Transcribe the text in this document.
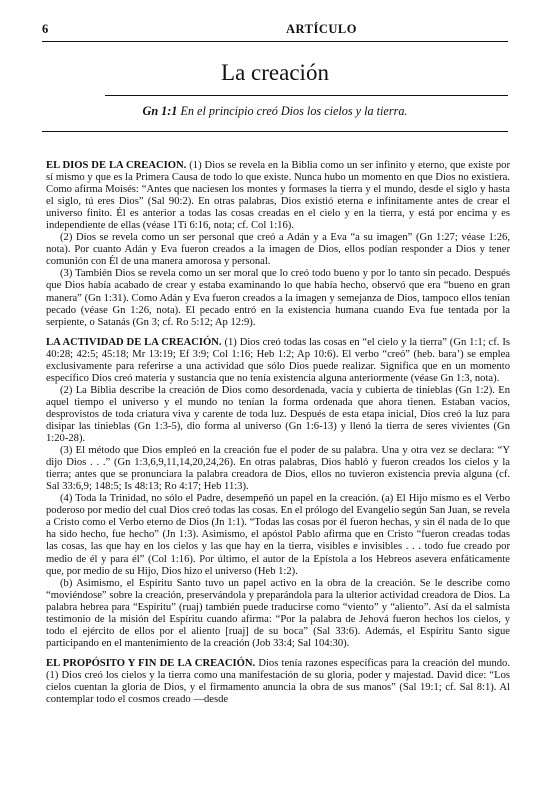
6	ARTÍCULO
La creación

Gn 1:1 En el principio creó Dios los cielos y la tierra.

EL DIOS DE LA CREACIÓN. (1) Dios se revela en la Biblia como un ser infinito y eterno, que existe por sí mismo y que es la Primera Causa de todo lo que existe. Nunca hubo un momento en que Dios no existiera. Como afirma Moisés: “Antes que naciesen los montes y formases la tierra y el mundo, desde el siglo y hasta el siglo, tú eres Dios” (Sal 90:2). En otras palabras, Dios existió eterna e infinitamente antes de crear el universo finito. Él es anterior a todas las cosas creadas en el cielo y en la tierra, y está por encima y es independiente de ellas (véase 1Ti 6:16, nota; cf. Col 1:16).

(2) Dios se revela como un ser personal que creó a Adán y a Eva “a su imagen” (Gn 1:27; véase 1:26, nota). Por cuanto Adán y Eva fueron creados a la imagen de Dios, ellos podían responder a Dios y tener comunión con Él de una manera amorosa y personal.

(3) También Dios se revela como un ser moral que lo creó todo bueno y por lo tanto sin pecado. Después que Dios había acabado de crear y estaba examinando lo que había hecho, observó que era “bueno en gran manera” (Gn 1:31). Como Adán y Eva fueron creados a la imagen y semejanza de Dios, tampoco ellos tenían pecado (véase Gn 1:26, nota). El pecado entró en la existencia humana cuando Eva fue tentada por la serpiente, o Satanás (Gn 3; cf. Ro 5:12; Ap 12:9).

LA ACTIVIDAD DE LA CREACIÓN. (1) Dios creó todas las cosas en “el cielo y la tierra” (Gn 1:1; cf. Is 40:28; 42:5; 45:18; Mr 13:19; Ef 3:9; Col 1:16; Heb 1:2; Ap 10:6). El verbo “creó” (heb. bara’) se emplea exclusivamente para referirse a una actividad que sólo Dios puede realizar. Significa que en un momento específico Dios creó materia y sustancia que no tenía existencia alguna anteriormente (véase Gn 1:3, nota).

(2) La Biblia describe la creación de Dios como desordenada, vacía y cubierta de tinieblas (Gn 1:2). En aquel tiempo el universo y el mundo no tenían la forma ordenada que ahora tienen. Estaban vacíos, desprovistos de toda criatura viva y carente de toda luz. Después de esta etapa inicial, Dios creó la luz para disipar las tinieblas (Gn 1:3-5), dio forma al universo (Gn 1:6-13) y llenó la tierra de seres vivientes (Gn 1:20-28).

(3) El método que Dios empleó en la creación fue el poder de su palabra. Una y otra vez se declara: “Y dijo Dios . . .” (Gn 1:3,6,9,11,14,20,24,26). En otras palabras, Dios habló y fueron creados los cielos y la tierra; antes que se pronunciara la palabra creadora de Dios, ellos no tuvieron existencia previa alguna (cf. Sal 33:6,9; 148:5; Is 48:13; Ro 4:17; Heb 11:3).

(4) Toda la Trinidad, no sólo el Padre, desempeñó un papel en la creación. (a) El Hijo mismo es el Verbo poderoso por medio del cual Dios creó todas las cosas. En el prólogo del Evangelio según San Juan, se revela a Cristo como el Verbo eterno de Dios (Jn 1:1). “Todas las cosas por él fueron hechas, y sin él nada de lo que ha sido hecho, fue hecho” (Jn 1:3). Asimismo, el apóstol Pablo afirma que en Cristo “fueron creadas todas las cosas, las que hay en los cielos y las que hay en la tierra, visibles e invisibles . . . todo fue creado por medio de él y para él” (Col 1:16). Por último, el autor de la Epístola a los Hebreos asevera enfáticamente que, por medio de su Hijo, Dios hizo el universo (Heb 1:2).

(b) Asimismo, el Espíritu Santo tuvo un papel activo en la obra de la creación. Se le describe como “moviéndose” sobre la creación, preservándola y preparándola para la ulterior actividad creadora de Dios. La palabra hebrea para “Espíritu” (ruaj) también puede traducirse como “viento” y “aliento”. Así da el salmista testimonio de la misión del Espíritu cuando afirma: “Por la palabra de Jehová fueron hechos los cielos, y todo el ejército de ellos por el aliento [ruaj] de su boca” (Sal 33:6). Además, el Espíritu Santo sigue participando en el mantenimiento de la creación (Job 33:4; Sal 104:30).

EL PROPÓSITO Y FIN DE LA CREACIÓN. Dios tenía razones específicas para la creación del mundo. (1) Dios creó los cielos y la tierra como una manifestación de su gloria, poder y majestad. David dice: “Los cielos cuentan la gloria de Dios, y el firmamento anuncia la obra de sus manos” (Sal 19:1; cf. Sal 8:1). Al contemplar todo el cosmos creado —desde
